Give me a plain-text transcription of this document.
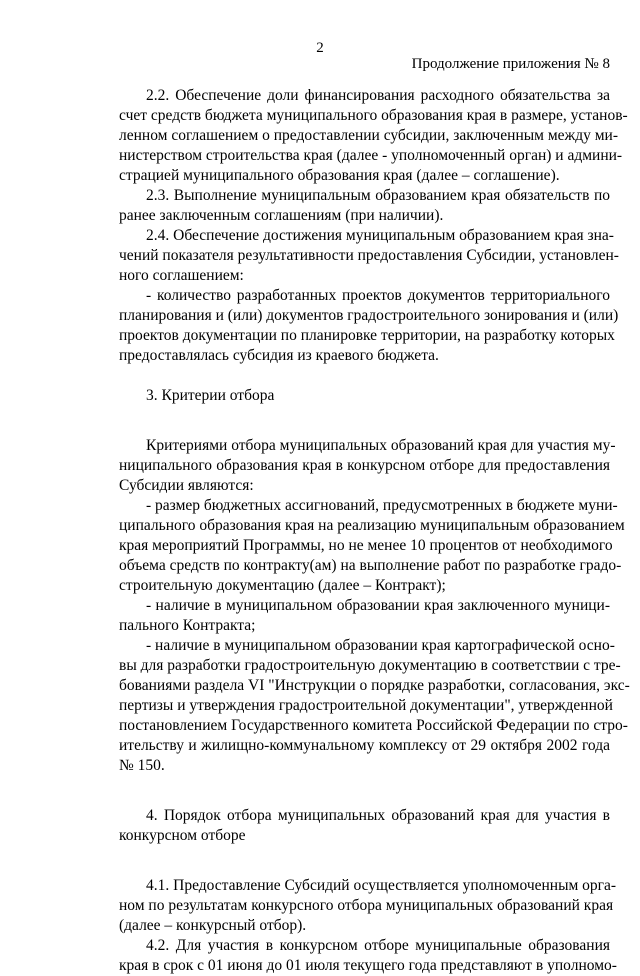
2
Продолжение приложения № 8
2.2. Обеспечение доли финансирования расходного обязательства за
счет средств бюджета муниципального образования края в размере, установ-
ленном соглашением о предоставлении субсидии, заключенным между ми-
нистерством строительства края (далее - уполномоченный орган) и админи-
страцией муниципального образования края (далее – соглашение).
2.3. Выполнение муниципальным образованием края обязательств по
ранее заключенным соглашениям (при наличии).
2.4. Обеспечение достижения муниципальным образованием края зна-
чений показателя результативности предоставления Субсидии, установлен-
ного соглашением:
- количество разработанных проектов документов территориального
планирования и (или) документов градостроительного зонирования и (или)
проектов документации по планировке территории, на разработку которых
предоставлялась субсидия из краевого бюджета.
3. Критерии отбора
Критериями отбора муниципальных образований края для участия му-
ниципального образования края в конкурсном отборе для предоставления
Субсидии являются:
- размер бюджетных ассигнований, предусмотренных в бюджете муни-
ципального образования края на реализацию муниципальным образованием
края мероприятий Программы, но не менее 10 процентов от необходимого
объема средств по контракту(ам) на выполнение работ по разработке градо-
строительную документацию (далее – Контракт);
- наличие в муниципальном образовании края заключенного муници-
пального Контракта;
- наличие в муниципальном образовании края картографической осно-
вы для разработки градостроительную документацию в соответствии с тре-
бованиями раздела VI "Инструкции о порядке разработки, согласования, экс-
пертизы и утверждения градостроительной документации", утвержденной
постановлением Государственного комитета Российской Федерации по стро-
ительству и жилищно-коммунальному комплексу от 29 октября 2002 года
№ 150.
4. Порядок отбора муниципальных образований края для участия в
конкурсном отборе
4.1. Предоставление Субсидий осуществляется уполномоченным орга-
ном по результатам конкурсного отбора муниципальных образований края
(далее – конкурсный отбор).
4.2. Для участия в конкурсном отборе муниципальные образования
края в срок с 01 июня до 01 июля текущего года представляют в уполномо-
